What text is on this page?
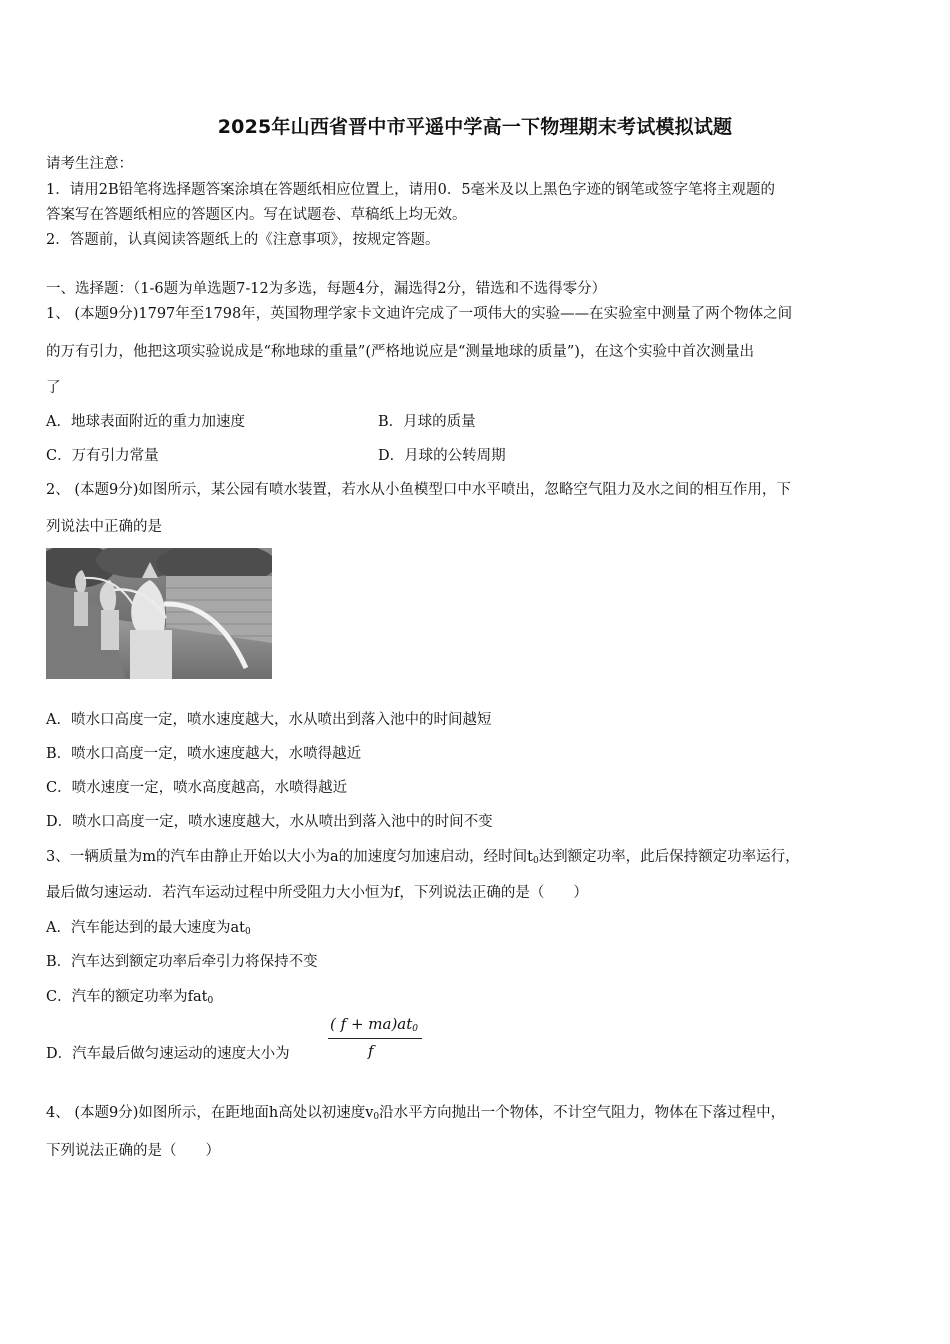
2025年山西省晋中市平遥中学高一下物理期末考试模拟试题
请考生注意：
1．请用2B铅笔将选择题答案涂填在答题纸相应位置上，请用0．5毫米及以上黑色字迹的钢笔或签字笔将主观题的
答案写在答题纸相应的答题区内。写在试题卷、草稿纸上均无效。
2．答题前，认真阅读答题纸上的《注意事项》，按规定答题。
一、选择题：（1-6题为单选题7-12为多选，每题4分，漏选得2分，错选和不选得零分）
1、 (本题9分)1797年至1798年，英国物理学家卡文迪许完成了一项伟大的实验——在实验室中测量了两个物体之间
的万有引力，他把这项实验说成是“称地球的重量”(严格地说应是“测量地球的质量”)，在这个实验中首次测量出
了
A．地球表面附近的重力加速度	B．月球的质量
C．万有引力常量	D．月球的公转周期
2、 (本题9分)如图所示，某公园有喷水装置，若水从小鱼模型口中水平喷出，忽略空气阻力及水之间的相互作用，下
列说法中正确的是
A．喷水口高度一定，喷水速度越大，水从喷出到落入池中的时间越短
B．喷水口高度一定，喷水速度越大，水喷得越近
C．喷水速度一定，喷水高度越高，水喷得越近
D．喷水口高度一定，喷水速度越大，水从喷出到落入池中的时间不变
3、一辆质量为m的汽车由静止开始以大小为a的加速度匀加速启动，经时间$t_0$达到额定功率，此后保持额定功率运行，
最后做匀速运动．若汽车运动过程中所受阻力大小恒为f，下列说法正确的是（　　）
A．汽车能达到的最大速度为$at_0$
B．汽车达到额定功率后牵引力将保持不变
C．汽车的额定功率为fat$_0$
D．汽车最后做匀速运动的速度大小为
( $f + ma)at_0$
f
4、 (本题9分)如图所示，在距地面h高处以初速度$v_0$沿水平方向抛出一个物体，不计空气阻力，物体在下落过程中，
下列说法正确的是（　　）
